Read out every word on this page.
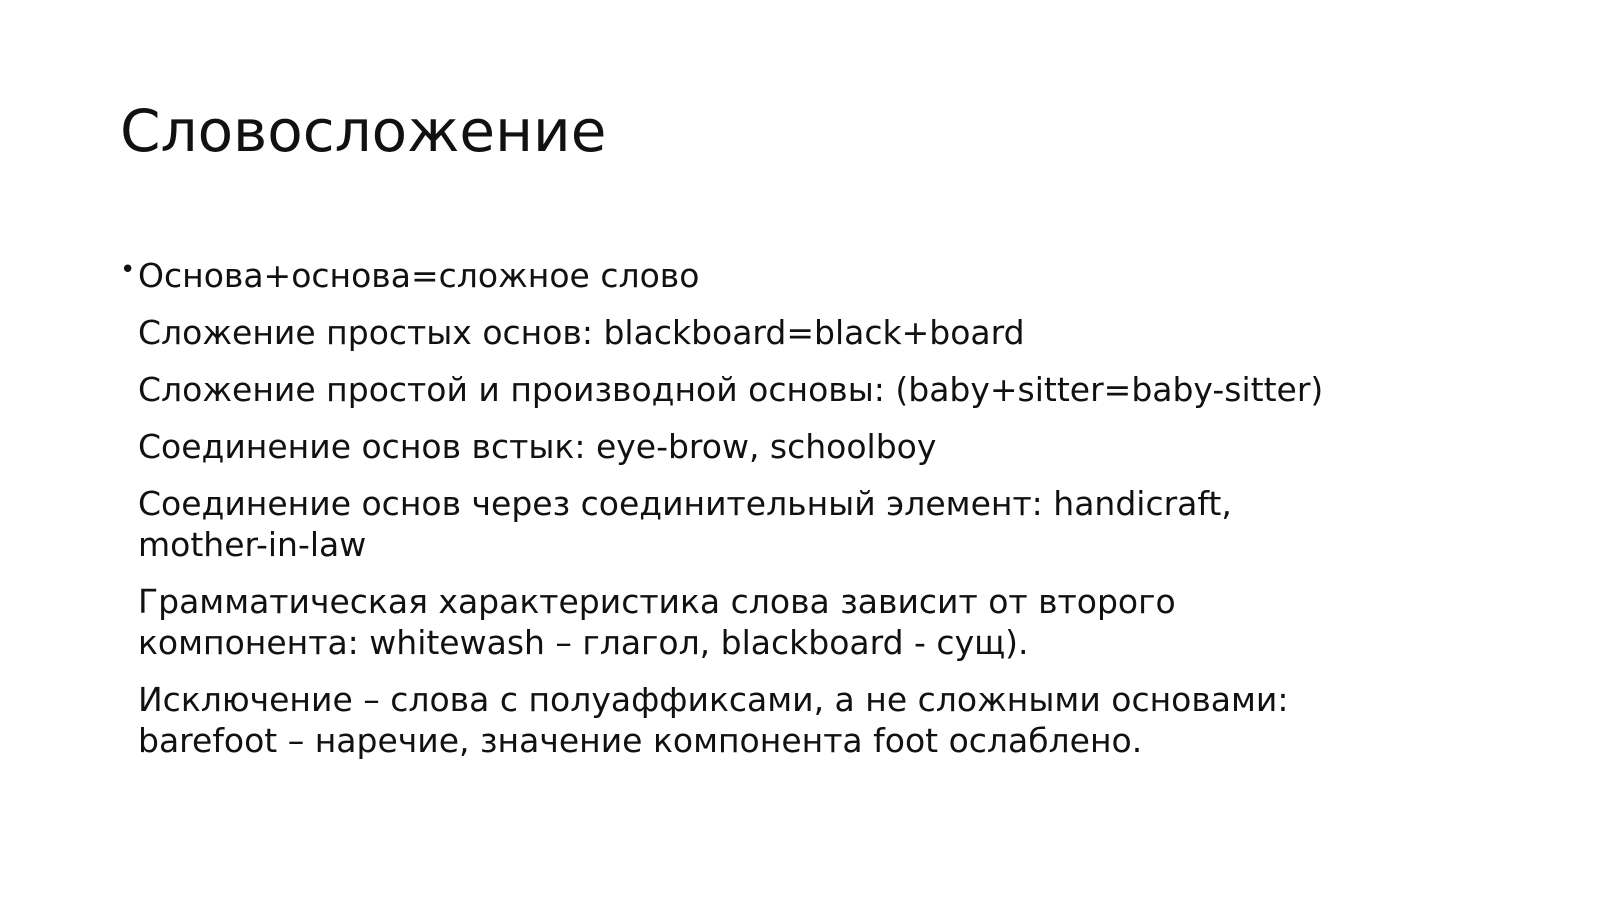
Словосложение
• Основа+основа=сложное слово

Сложение простых основ: blackboard=black+board

Сложение простой и производной основы: (baby+sitter=baby-sitter)

Соединение основ встык: eye-brow, schoolboy

Соединение основ через соединительный элемент: handicraft,

mother-in-law

Грамматическая характеристика слова зависит от второго

компонента: whitewash – глагол, blackboard - сущ).

Исключение – слова с полуаффиксами, а не сложными основами:

barefoot – наречие, значение компонента foot ослаблено.
